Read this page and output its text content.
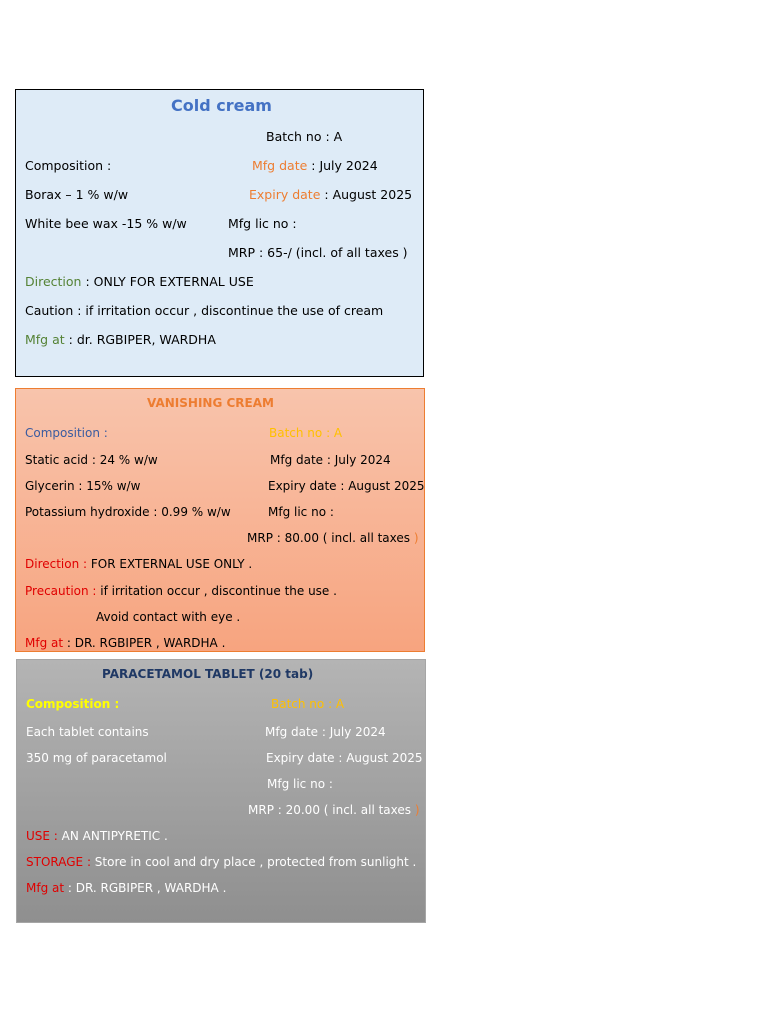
Cold cream
Batch no : A
Composition :	Mfg date : July 2024
Borax – 1 % w/w	Expiry date : August 2025
White bee wax -15 % w/w	Mfg lic no :
MRP : 65-/ (incl. of all taxes )
Direction : ONLY FOR EXTERNAL USE
Caution : if irritation occur , discontinue the use of cream
Mfg at : dr. RGBIPER, WARDHA
VANISHING CREAM
Composition :	Batch no : A
Static acid : 24 % w/w	Mfg date : July 2024
Glycerin : 15% w/w	Expiry date : August 2025
Potassium hydroxide : 0.99 % w/w	Mfg lic no :
MRP : 80.00 ( incl. all taxes )
Direction : FOR EXTERNAL USE ONLY .
Precaution : if irritation occur , discontinue the use .
Avoid contact with eye .
Mfg at : DR. RGBIPER , WARDHA .
PARACETAMOL TABLET (20 tab)
Composition :	Batch no : A
Each tablet contains	Mfg date : July 2024
350 mg of paracetamol	Expiry date : August 2025
Mfg lic no :
MRP : 20.00 ( incl. all taxes )
USE : AN ANTIPYRETIC .
STORAGE : Store in cool and dry place , protected from sunlight .
Mfg at : DR. RGBIPER , WARDHA .
